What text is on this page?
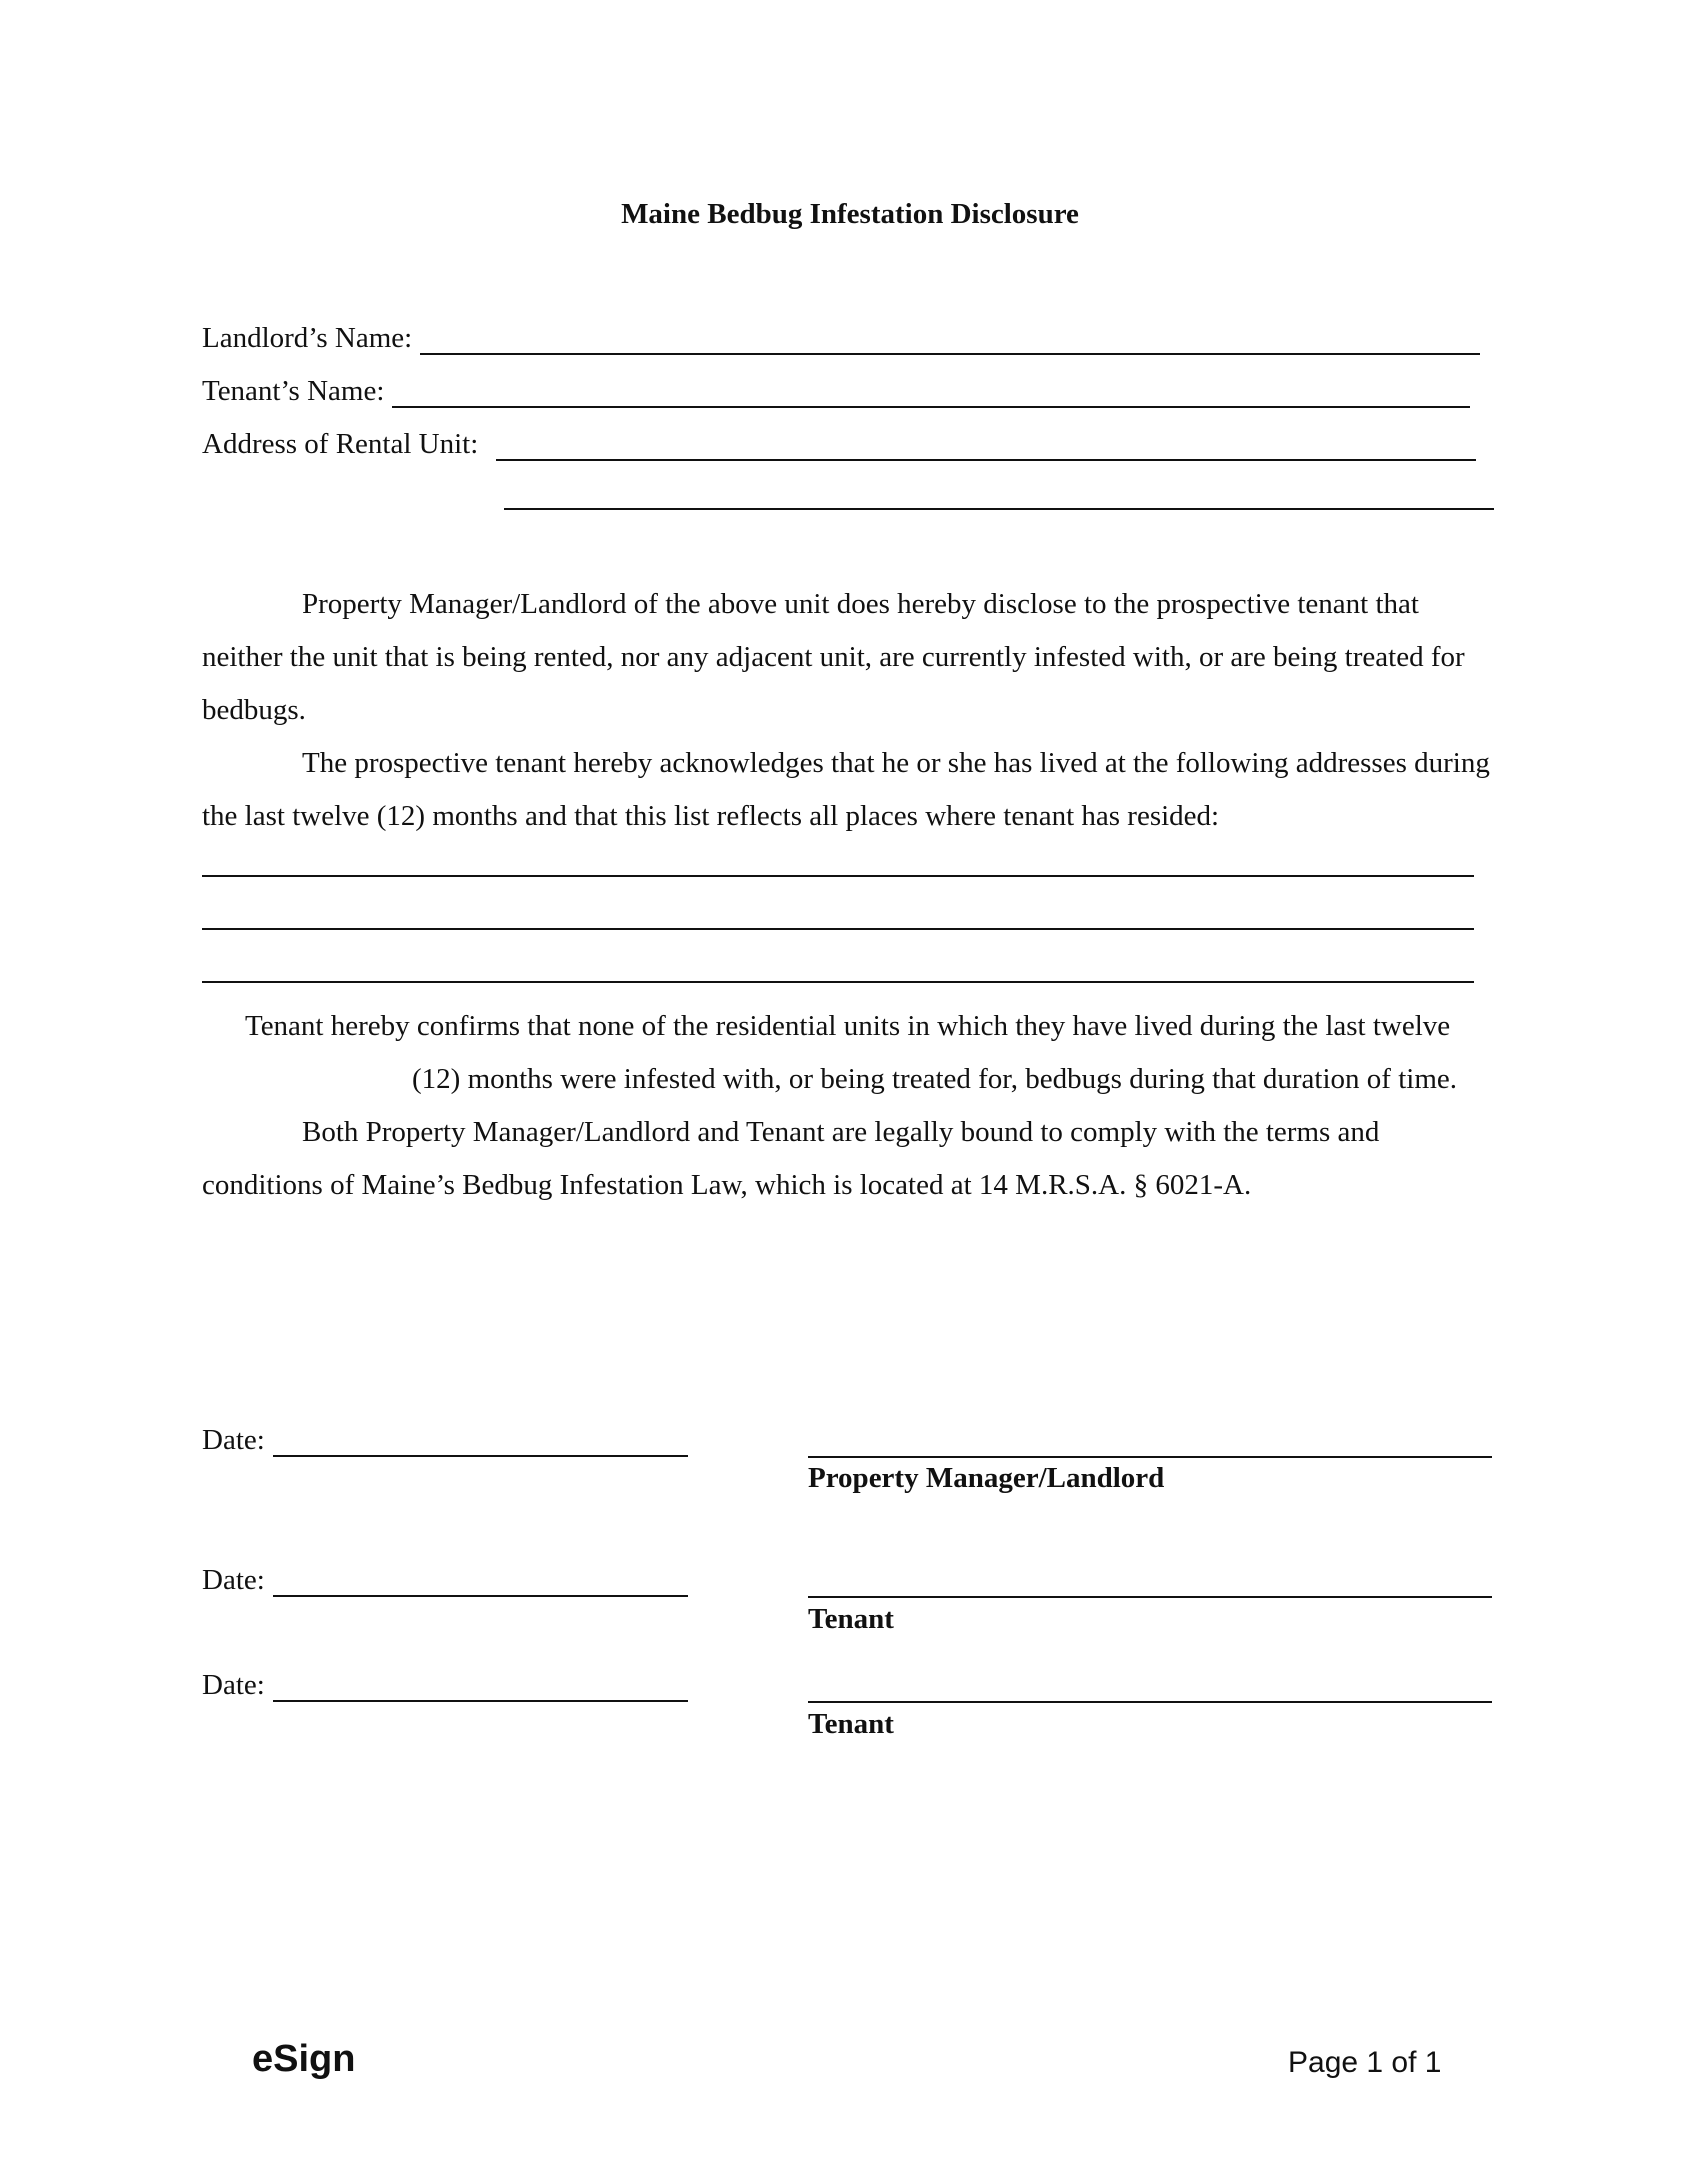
Maine Bedbug Infestation Disclosure
Landlord’s Name:
Tenant’s Name:
Address of Rental Unit:
Property Manager/Landlord of the above unit does hereby disclose to the prospective tenant that neither the unit that is being rented, nor any adjacent unit, are currently infested with, or are being treated for bedbugs.
The prospective tenant hereby acknowledges that he or she has lived at the following addresses during the last twelve (12) months and that this list reflects all places where tenant has resided:
Tenant hereby confirms that none of the residential units in which they have lived during the last twelve
(12) months were infested with, or being treated for, bedbugs during that duration of time.
Both Property Manager/Landlord and Tenant are legally bound to comply with the terms and conditions of Maine’s Bedbug Infestation Law, which is located at 14 M.R.S.A. § 6021-A.
Date:
Property Manager/Landlord
Date:
Tenant
Date:
Tenant
eSign	Page 1 of 1
